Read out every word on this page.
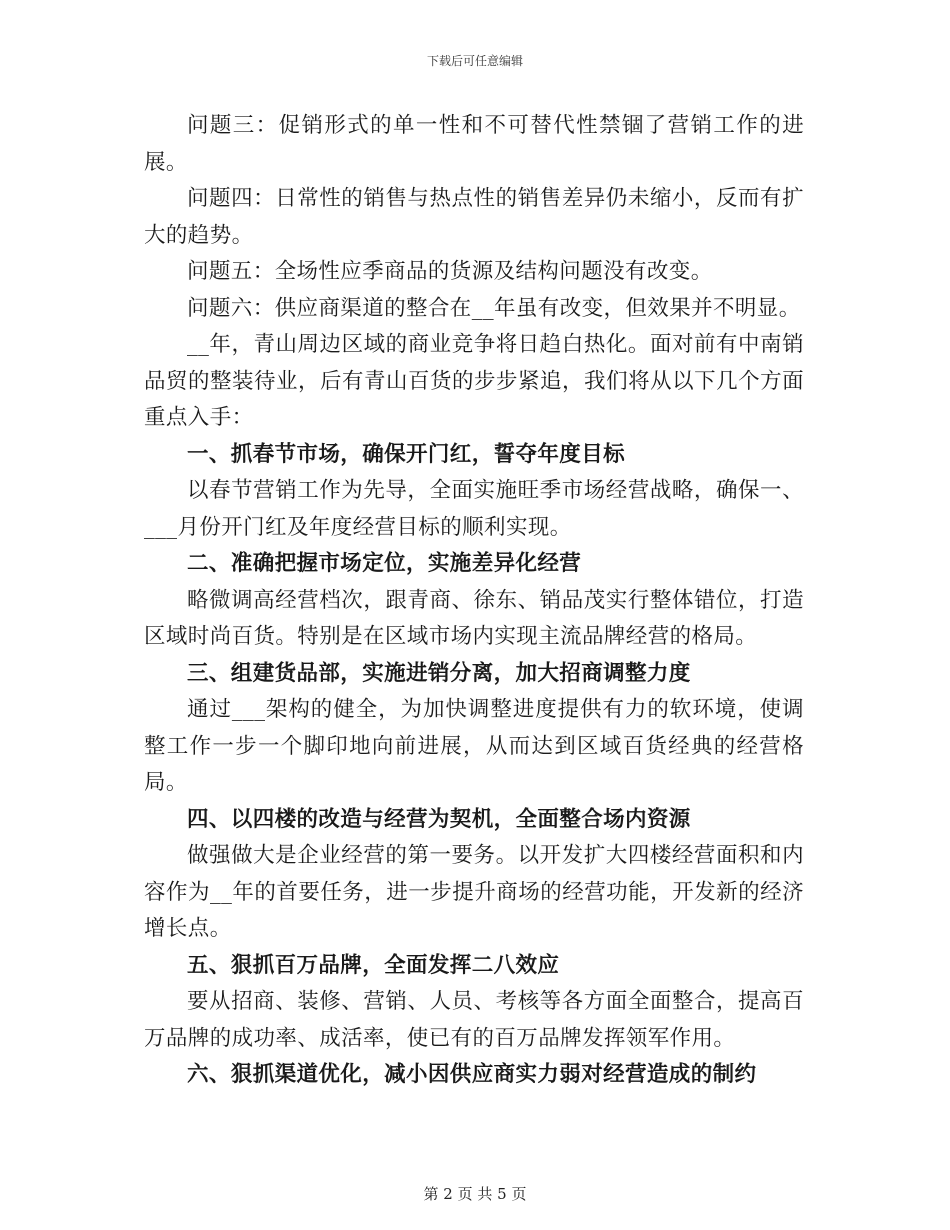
下载后可任意编辑

问题三：促销形式的单一性和不可替代性禁锢了营销工作的进展。

问题四：日常性的销售与热点性的销售差异仍未缩小，反而有扩大的趋势。

问题五：全场性应季商品的货源及结构问题没有改变。

问题六：供应商渠道的整合在__年虽有改变，但效果并不明显。

__年，青山周边区域的商业竞争将日趋白热化。面对前有中南销品贸的整装待业，后有青山百货的步步紧追，我们将从以下几个方面重点入手：

一、抓春节市场，确保开门红，誓夺年度目标

以春节营销工作为先导，全面实施旺季市场经营战略，确保一、___月份开门红及年度经营目标的顺利实现。

二、准确把握市场定位，实施差异化经营

略微调高经营档次，跟青商、徐东、销品茂实行整体错位，打造区域时尚百货。特别是在区域市场内实现主流品牌经营的格局。

三、组建货品部，实施进销分离，加大招商调整力度

通过___架构的健全，为加快调整进度提供有力的软环境，使调整工作一步一个脚印地向前进展，从而达到区域百货经典的经营格局。

四、以四楼的改造与经营为契机，全面整合场内资源

做强做大是企业经营的第一要务。以开发扩大四楼经营面积和内容作为__年的首要任务，进一步提升商场的经营功能，开发新的经济增长点。

五、狠抓百万品牌，全面发挥二八效应

要从招商、装修、营销、人员、考核等各方面全面整合，提高百万品牌的成功率、成活率，使已有的百万品牌发挥领军作用。

六、狠抓渠道优化，减小因供应商实力弱对经营造成的制约

第 2 页 共 5 页
